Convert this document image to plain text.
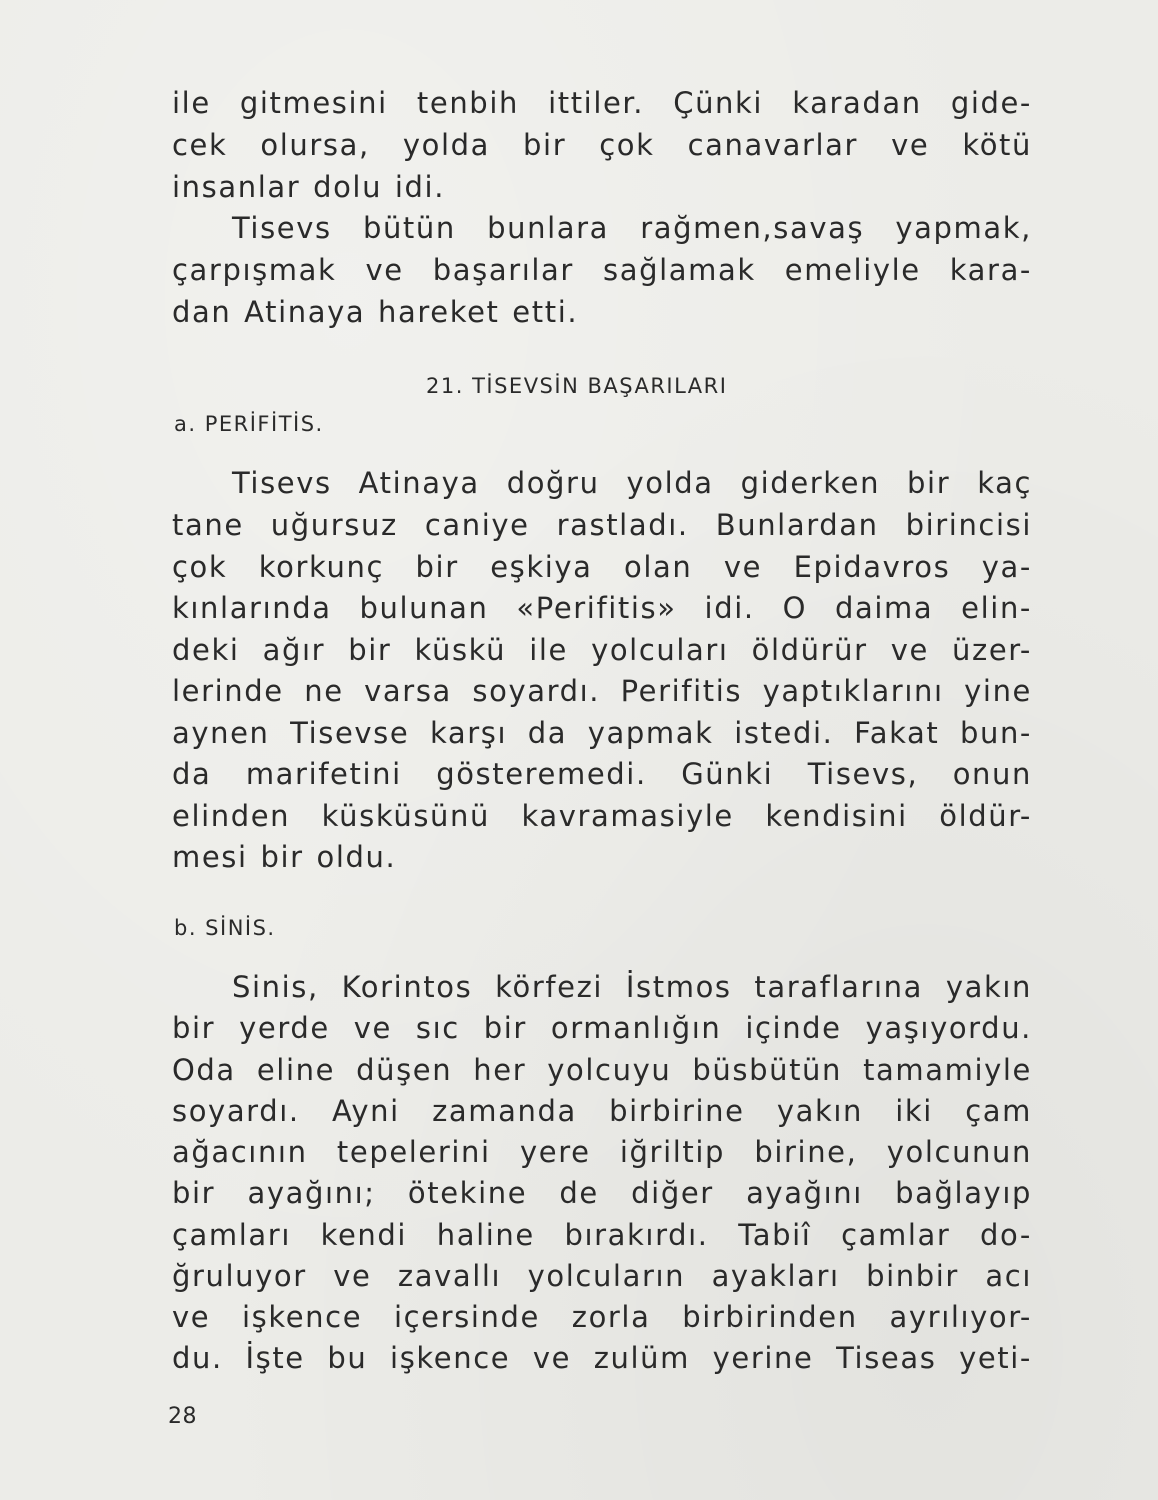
ile gitmesini tenbih ittiler. Çünki karadan gide-
cek olursa, yolda bir çok canavarlar ve kötü
insanlar dolu idi.
Tisevs bütün bunlara rağmen,savaş yapmak,
çarpışmak ve başarılar sağlamak emeliyle kara-
dan Atinaya hareket etti.
21. TİSEVSİN BAŞARILARI
a. PERİFİTİS.
Tisevs Atinaya doğru yolda giderken bir kaç
tane uğursuz caniye rastladı. Bunlardan birincisi
çok korkunç bir eşkiya olan ve Epidavros ya-
kınlarında bulunan «Perifitis» idi. O daima elin-
deki ağır bir küskü ile yolcuları öldürür ve üzer-
lerinde ne varsa soyardı. Perifitis yaptıklarını yine
aynen Tisevse karşı da yapmak istedi. Fakat bun-
da marifetini gösteremedi. Günki Tisevs, onun
elinden küsküsünü kavramasiyle kendisini öldür-
mesi bir oldu.
b. SİNİS.
Sinis, Korintos körfezi İstmos taraflarına yakın
bir yerde ve sıc bir ormanlığın içinde yaşıyordu.
Oda eline düşen her yolcuyu büsbütün tamamiyle
soyardı. Ayni zamanda birbirine yakın iki çam
ağacının tepelerini yere iğriltip birine, yolcunun
bir ayağını; ötekine de diğer ayağını bağlayıp
çamları kendi haline bırakırdı. Tabiî çamlar do-
ğruluyor ve zavallı yolcuların ayakları binbir acı
ve işkence içersinde zorla birbirinden ayrılıyor-
du. İşte bu işkence ve zulüm yerine Tiseas yeti-
28
